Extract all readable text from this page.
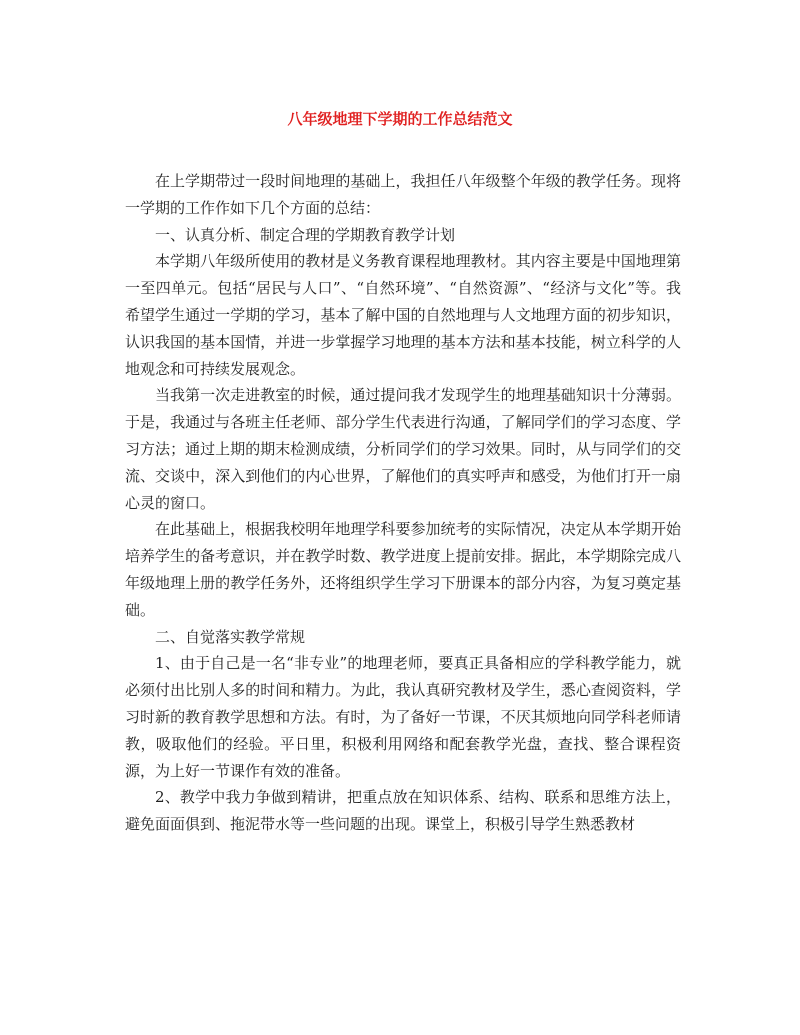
八年级地理下学期的工作总结范文

在上学期带过一段时间地理的基础上，我担任八年级整个年级的教学任务。现将一学期的工作作如下几个方面的总结：

一、认真分析、制定合理的学期教育教学计划

本学期八年级所使用的教材是义务教育课程地理教材。其内容主要是中国地理第一至四单元。包括“居民与人口”、“自然环境”、“自然资源”、“经济与文化”等。我希望学生通过一学期的学习，基本了解中国的自然地理与人文地理方面的初步知识，认识我国的基本国情，并进一步掌握学习地理的基本方法和基本技能，树立科学的人地观念和可持续发展观念。

当我第一次走进教室的时候，通过提问我才发现学生的地理基础知识十分薄弱。于是，我通过与各班主任老师、部分学生代表进行沟通，了解同学们的学习态度、学习方法；通过上期的期末检测成绩，分析同学们的学习效果。同时，从与同学们的交流、交谈中，深入到他们的内心世界，了解他们的真实呼声和感受，为他们打开一扇心灵的窗口。

在此基础上，根据我校明年地理学科要参加统考的实际情况，决定从本学期开始培养学生的备考意识，并在教学时数、教学进度上提前安排。据此，本学期除完成八年级地理上册的教学任务外，还将组织学生学习下册课本的部分内容，为复习奠定基础。

二、自觉落实教学常规

1、由于自己是一名“非专业”的地理老师，要真正具备相应的学科教学能力，就必须付出比别人多的时间和精力。为此，我认真研究教材及学生，悉心查阅资料，学习时新的教育教学思想和方法。有时，为了备好一节课，不厌其烦地向同学科老师请教，吸取他们的经验。平日里，积极利用网络和配套教学光盘，查找、整合课程资源，为上好一节课作有效的准备。

2、教学中我力争做到精讲，把重点放在知识体系、结构、联系和思维方法上，避免面面俱到、拖泥带水等一些问题的出现。课堂上，积极引导学生熟悉教材
